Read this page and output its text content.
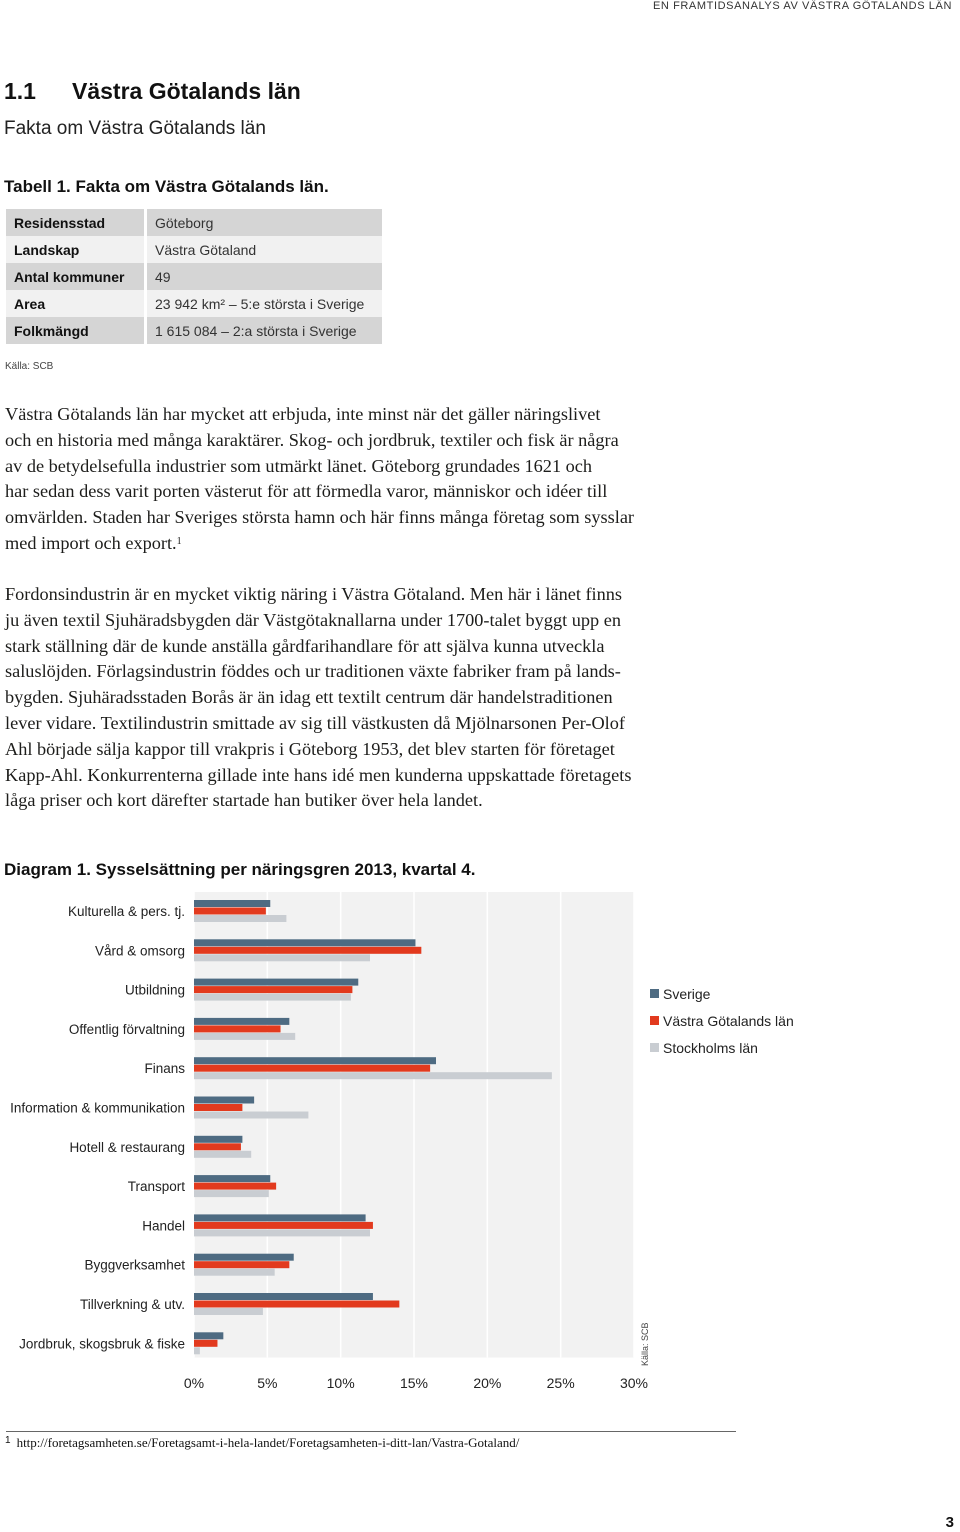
EN FRAMTIDSANALYS AV VÄSTRA GÖTALANDS LÄN
1.1 Västra Götalands län
Fakta om Västra Götalands län
Tabell 1. Fakta om Västra Götalands län.
Residensstad	Göteborg
Landskap	Västra Götaland
Antal kommuner	49
Area	23 942 km² – 5:e största i Sverige
Folkmängd	1 615 084 – 2:a största i Sverige
Källa: SCB
Västra Götalands län har mycket att erbjuda, inte minst när det gäller näringslivet
och en historia med många karaktärer. Skog- och jordbruk, textiler och fisk är några
av de betydelsefulla industrier som utmärkt länet. Göteborg grundades 1621 och
har sedan dess varit porten västerut för att förmedla varor, människor och idéer till
omvärlden. Staden har Sveriges största hamn och här finns många företag som sysslar
med import och export.$^1$
Fordonsindustrin är en mycket viktig näring i Västra Götaland. Men här i länet finns
ju även textil Sjuhäradsbygden där Västgötaknallarna under 1700-talet byggt upp en
stark ställning där de kunde anställa gårdfarihandlare för att själva kunna utveckla
saluslöjden. Förlagsindustrin föddes och ur traditionen växte fabriker fram på lands-
bygden. Sjuhäradsstaden Borås är än idag ett textilt centrum där handelstraditionen
lever vidare. Textilindustrin smittade av sig till västkusten då Mjölnarsonen Per-Olof
Ahl började sälja kappor till vrakpris i Göteborg 1953, det blev starten för företaget
Kapp-Ahl. Konkurrenterna gillade inte hans idé men kunderna uppskattade företagets
låga priser och kort därefter startade han butiker över hela landet.
Diagram 1. Sysselsättning per näringsgren 2013, kvartal 4.
Kulturella & pers. tj.
Vård & omsorg
Utbildning
Offentlig förvaltning
Finans
Information & kommunikation
Hotell & restaurang
Transport
Handel
Byggverksamhet
Tillverkning & utv.
Jordbruk, skogsbruk & fiske
0%	5%	10%	15%	20%	25%	30%
Sverige
Västra Götalands län
Stockholms län
Källa: SCB
$^1$ http://foretagsamheten.se/Foretagsamt-i-hela-landet/Foretagsamheten-i-ditt-lan/Vastra-Gotaland/
3
